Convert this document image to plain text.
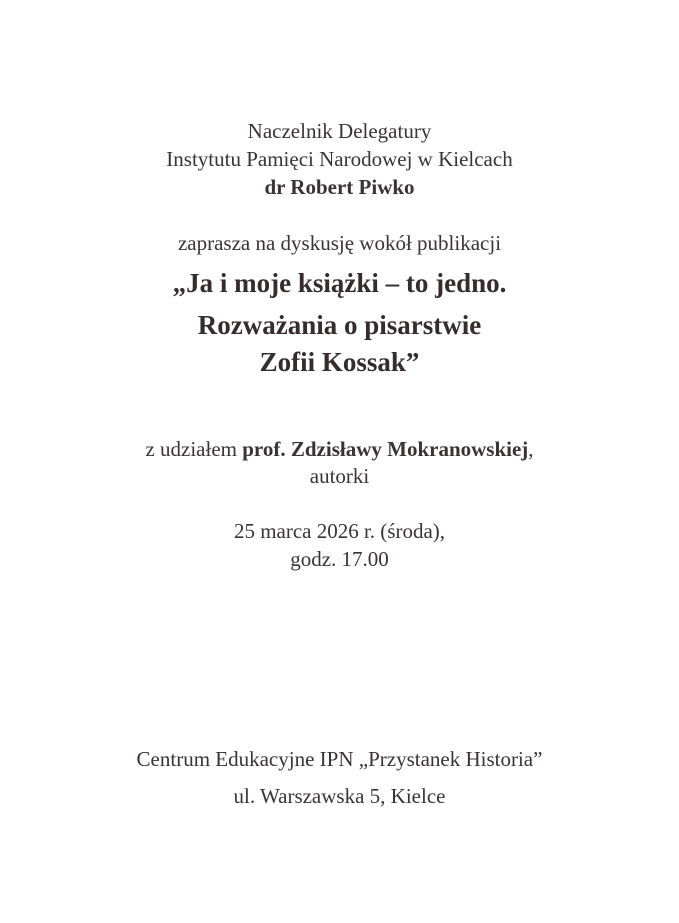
Naczelnik Delegatury
Instytutu Pamięci Narodowej w Kielcach
dr Robert Piwko
zaprasza na dyskusję wokół publikacji
„Ja i moje książki – to jedno.
Rozważania o pisarstwie
Zofii Kossak”
z udziałem prof. Zdzisławy Mokranowskiej,
autorki
25 marca 2026 r. (środa),
godz. 17.00
Centrum Edukacyjne IPN „Przystanek Historia”
ul. Warszawska 5, Kielce
